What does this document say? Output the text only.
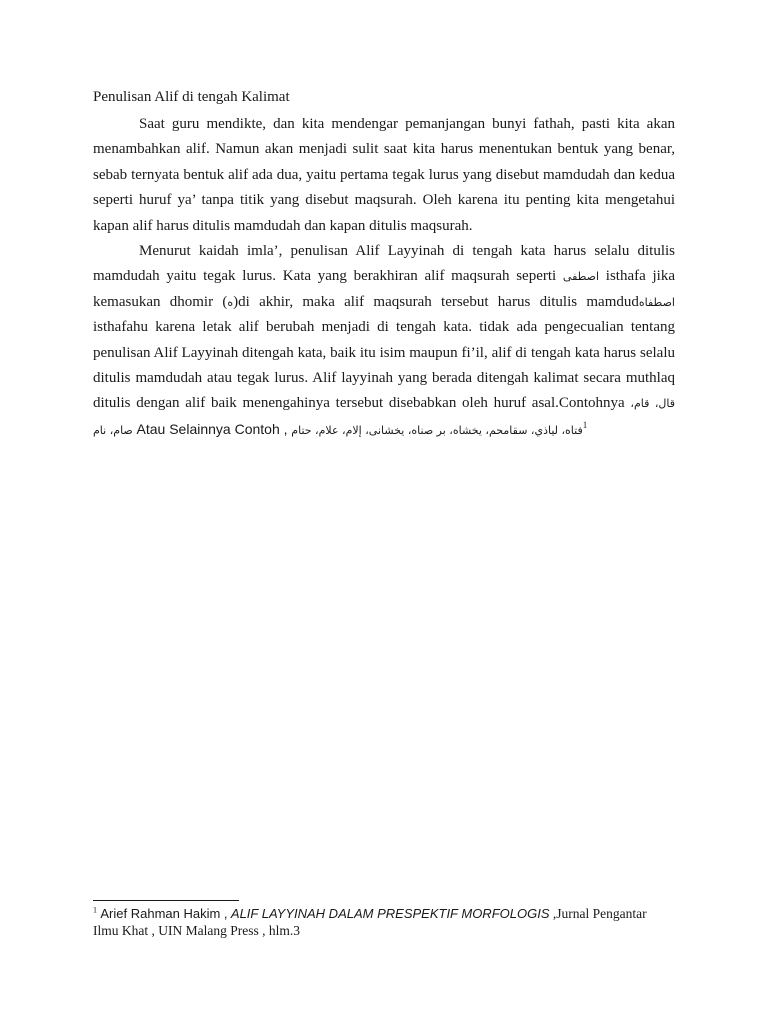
Penulisan Alif di tengah Kalimat

Saat guru mendikte, dan kita mendengar pemanjangan bunyi fathah, pasti kita akan menambahkan alif. Namun akan menjadi sulit saat kita harus menentukan bentuk yang benar, sebab ternyata bentuk alif ada dua, yaitu pertama tegak lurus yang disebut mamdudah dan kedua seperti huruf ya’ tanpa titik yang disebut maqsurah. Oleh karena itu penting kita mengetahui kapan alif harus ditulis mamdudah dan kapan ditulis maqsurah.

Menurut kaidah imla’, penulisan Alif Layyinah di tengah kata harus selalu ditulis mamdudah yaitu tegak lurus. Kata yang berakhiran alif maqsurah seperti اصطفى isthafa jika kemasukan dhomir (ه)di akhir, maka alif maqsurah tersebut harus ditulis mamdudاصطفاه isthafahu karena letak alif berubah menjadi di tengah kata. tidak ada pengecualian tentang penulisan Alif Layyinah ditengah kata, baik itu isim maupun fi’il, alif di tengah kata harus selalu ditulis mamdudah atau tegak lurus. Alif layyinah yang berada ditengah kalimat secara muthlaq ditulis dengan alif baik menengahinya tersebut disebabkan oleh huruf asal.Contohnya قال، قام، صام، نام Atau Selainnya Contoh , فتاه، لياذي، سقامحم، يخشاه، بر صناه، يخشانى، إلام، علام، حتام$^1$

$^1$ Arief Rahman Hakim , ALIF LAYYINAH DALAM PRESPEKTIF MORFOLOGIS ,Jurnal Pengantar
Ilmu Khat , UIN Malang Press , hlm.3
